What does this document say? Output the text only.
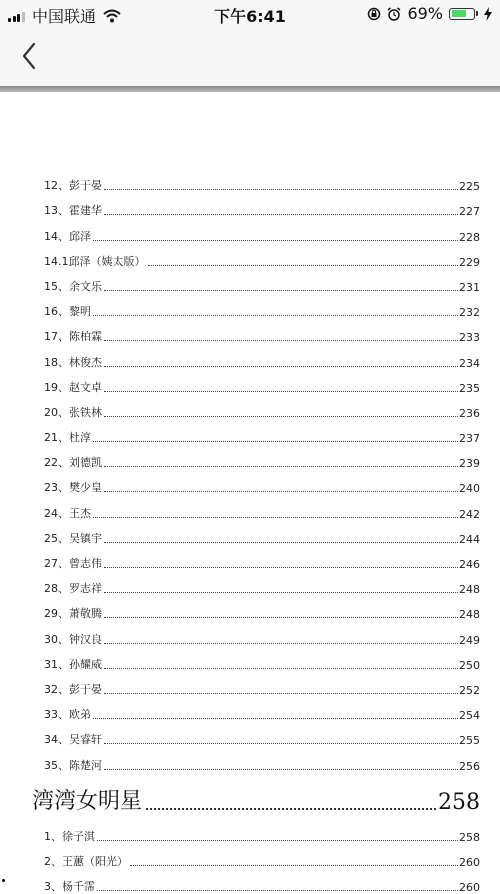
中国联通	下午6:41	69%
12、彭于晏	225
13、霍建华	227
14、邱泽	228
14.1邱泽（姨太版）	229
15、余文乐	231
16、黎明	232
17、陈柏霖	233
18、林俊杰	234
19、赵文卓	235
20、张铁林	236
21、杜淳	237
22、刘德凯	239
23、樊少皇	240
24、王杰	242
25、吴镇宇	244
27、曾志伟	246
28、罗志祥	248
29、萧敬腾	248
30、钟汉良	249
31、孙耀威	250
32、彭于晏	252
33、欧弟	254
34、吴睿轩	255
35、陈楚河	256
湾湾女明星	258
1、徐子淇	258
2、王蕙（阳光）	260
3、杨千霈	260
